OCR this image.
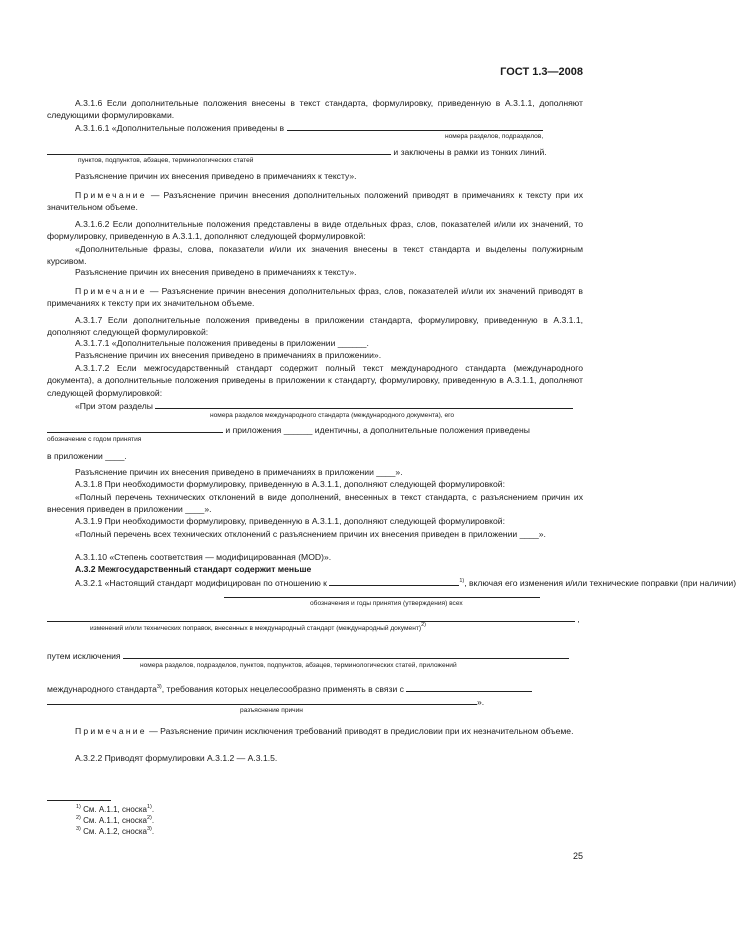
ГОСТ 1.3—2008
А.3.1.6 Если дополнительные положения внесены в текст стандарта, формулировку, приведенную в А.3.1.1, дополняют следующими формулировками.
А.3.1.6.1 «Дополнительные положения приведены в
номера разделов, подразделов,
и заключены в рамки из тонких линий.
пунктов, подпунктов, абзацев, терминологических статей
Разъяснение причин их внесения приведено в примечаниях к тексту».
Примечание — Разъяснение причин внесения дополнительных положений приводят в примечаниях к тексту при их значительном объеме.
А.3.1.6.2 Если дополнительные положения представлены в виде отдельных фраз, слов, показателей и/или их значений, то формулировку, приведенную в А.3.1.1, дополняют следующей формулировкой:
«Дополнительные фразы, слова, показатели и/или их значения внесены в текст стандарта и выделены полужирным курсивом.
Разъяснение причин их внесения приведено в примечаниях к тексту».
Примечание — Разъяснение причин внесения дополнительных фраз, слов, показателей и/или их значений приводят в примечаниях к тексту при их значительном объеме.
А.3.1.7 Если дополнительные положения приведены в приложении стандарта, формулировку, приведенную в А.3.1.1, дополняют следующей формулировкой:
А.3.1.7.1 «Дополнительные положения приведены в приложении ______.
Разъяснение причин их внесения приведено в примечаниях в приложении».
А.3.1.7.2 Если межгосударственный стандарт содержит полный текст международного стандарта (международного документа), а дополнительные положения приведены в приложении к стандарту, формулировку, приведенную в А.3.1.1, дополняют следующей формулировкой:
«При этом разделы
номера разделов международного стандарта (международного документа), его
и приложения ______ идентичны, а дополнительные положения приведены
обозначение с годом принятия
в приложении ____.
Разъяснение причин их внесения приведено в примечаниях в приложении ____».
А.3.1.8 При необходимости формулировку, приведенную в А.3.1.1, дополняют следующей формулировкой:
«Полный перечень технических отклонений в виде дополнений, внесенных в текст стандарта, с разъяснением причин их внесения приведен в приложении ____».
А.3.1.9 При необходимости формулировку, приведенную в А.3.1.1, дополняют следующей формулировкой:
«Полный перечень всех технических отклонений с разъяснением причин их внесения приведен в приложении ____».
А.3.1.10 «Степень соответствия — модифицированная (MOD)».
А.3.2 Межгосударственный стандарт содержит меньше
А.3.2.1 «Настоящий стандарт модифицирован по отношению к	$^{1)}$, включая его изменения и/или технические поправки (при наличии)
обозначения и годы принятия (утверждения) всех
,
изменений и/или технических поправок, внесенных в международный стандарт (международный документ)$^{2)}$
путем исключения
номера разделов, подразделов, пунктов, подпунктов, абзацев, терминологических статей, приложений
международного стандарта$^{3)}$, требования которых нецелесообразно применять в связи с
».
разъяснение причин
Примечание — Разъяснение причин исключения требований приводят в предисловии при их незначительном объеме.
А.3.2.2 Приводят формулировки А.3.1.2 — А.3.1.5.
$^{1)}$ См. А.1.1, сноска$^{1)}$.
$^{2)}$ См. А.1.1, сноска$^{2)}$.
$^{3)}$ См. А.1.2, сноска$^{3)}$.
25
